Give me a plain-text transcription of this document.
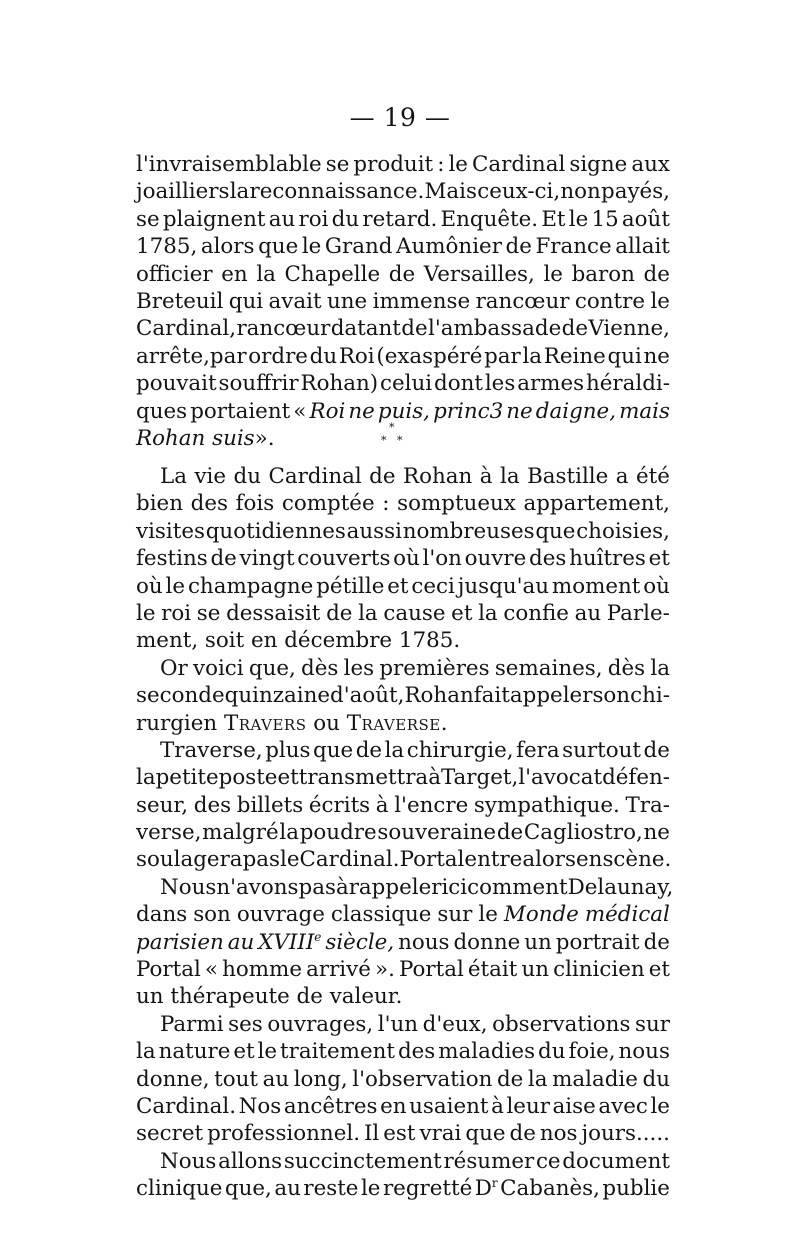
— 19 —
l'invraisemblable se produit : le Cardinal signe aux
joailliers la reconnaissance. Mais ceux-ci, non payés,
se plaignent au roi du retard. Enquête. Et le 15 août
1785, alors que le Grand Aumônier de France allait
officier en la Chapelle de Versailles, le baron de
Breteuil qui avait une immense rancœur contre le
Cardinal, rancœur datant de l'ambassade de Vienne,
arrête,par ordre du Roi (exaspéré par la Reine qui ne
pouvait souffrir Rohan) celui dont les armes héraldi-
ques portaient « Roi ne puis, princ3 ne daigne, mais
Rohan suis».	*
* *
La vie du Cardinal de Rohan à la Bastille a été
bien des fois comptée : somptueux appartement,
visites quotidiennes aussi nombreuses que choisies,
festins de vingt couverts où l'on ouvre des huîtres et
où le champagne pétille et ceci jusqu'au moment où
le roi se dessaisit de la cause et la confie au Parle-
ment, soit en décembre 1785.
Or voici que, dès les premières semaines, dès la
seconde quinzaine d'août, Rohan fait appeler son chi-
rurgien Travers ou Traverse.
Traverse, plus que de la chirurgie, fera surtout de
la petite poste et transmettra à Target, l'avocat défen-
seur, des billets écrits à l'encre sympathique. Tra-
verse, malgré la poudre souveraine de Cagliostro, ne
soulagera pas le Cardinal. Portal entre alors en scène.
Nous n'avons pas à rappeler ici comment Delaunay,
dans son ouvrage classique sur le Monde médical
parisien au XVIIIe siècle, nous donne un portrait de
Portal « homme arrivé ». Portal était un clinicien et
un thérapeute de valeur.
Parmi ses ouvrages, l'un d'eux, observations sur
la nature et le traitement des maladies du foie, nous
donne, tout au long, l'observation de la maladie du
Cardinal. Nos ancêtres en usaient à leur aise avec le
secret professionnel. Il est vrai que de nos jours.....
Nous allons succinctement résumer ce document
clinique que, au reste le regretté $D^r$ Cabanès, publie
